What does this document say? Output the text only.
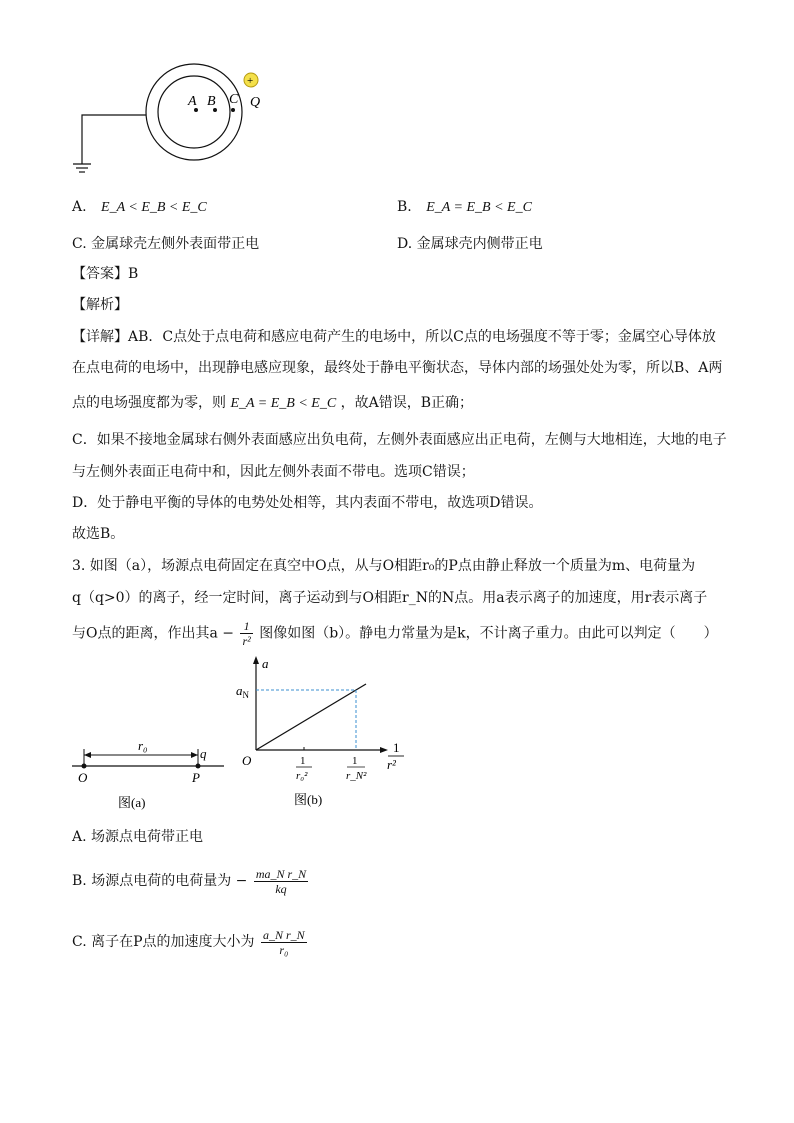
A B C
+
Q
A. E_A < E_B < E_C	B. E_A = E_B < E_C
C. 金属球壳左侧外表面带正电	D. 金属球壳内侧带正电
【答案】B
【解析】
【详解】AB．C点处于点电荷和感应电荷产生的电场中，所以C点的电场强度不等于零；金属空心导体放
在点电荷的电场中，出现静电感应现象，最终处于静电平衡状态，导体内部的场强处处为零，所以B、A两
点的电场强度都为零，则 E_A = E_B < E_C ，故A错误，B正确；
C．如果不接地金属球右侧外表面感应出负电荷，左侧外表面感应出正电荷，左侧与大地相连，大地的电子
与左侧外表面正电荷中和，因此左侧外表面不带电。选项C错误；
D．处于静电平衡的导体的电势处处相等，其内表面不带电，故选项D错误。
故选B。
3. 如图（a），场源点电荷固定在真空中O点，从与O相距r₀的P点由静止释放一个质量为m、电荷量为
q（q>0）的离子，经一定时间，离子运动到与O相距r_N的N点。用a表示离子的加速度，用r表示离子
与O点的距离，作出其$a - \frac{1}{\text{r²}}$ 图像如图（b）。静电力常量为是k，不计离子重力。由此可以判定（　　）
r₀
q
O	P
图(a)
a
$a_N$
O	1
r₀²
1
r_N²
1
r²
图(b)
A. 场源点电荷带正电
B. 场源点电荷的电荷量为 − $\frac{\text{ma\_N r\_N}}{kq}$
C. 离子在P点的加速度大小为 $\frac{\text{a\_N r\_N}}{\text{r₀}}$
